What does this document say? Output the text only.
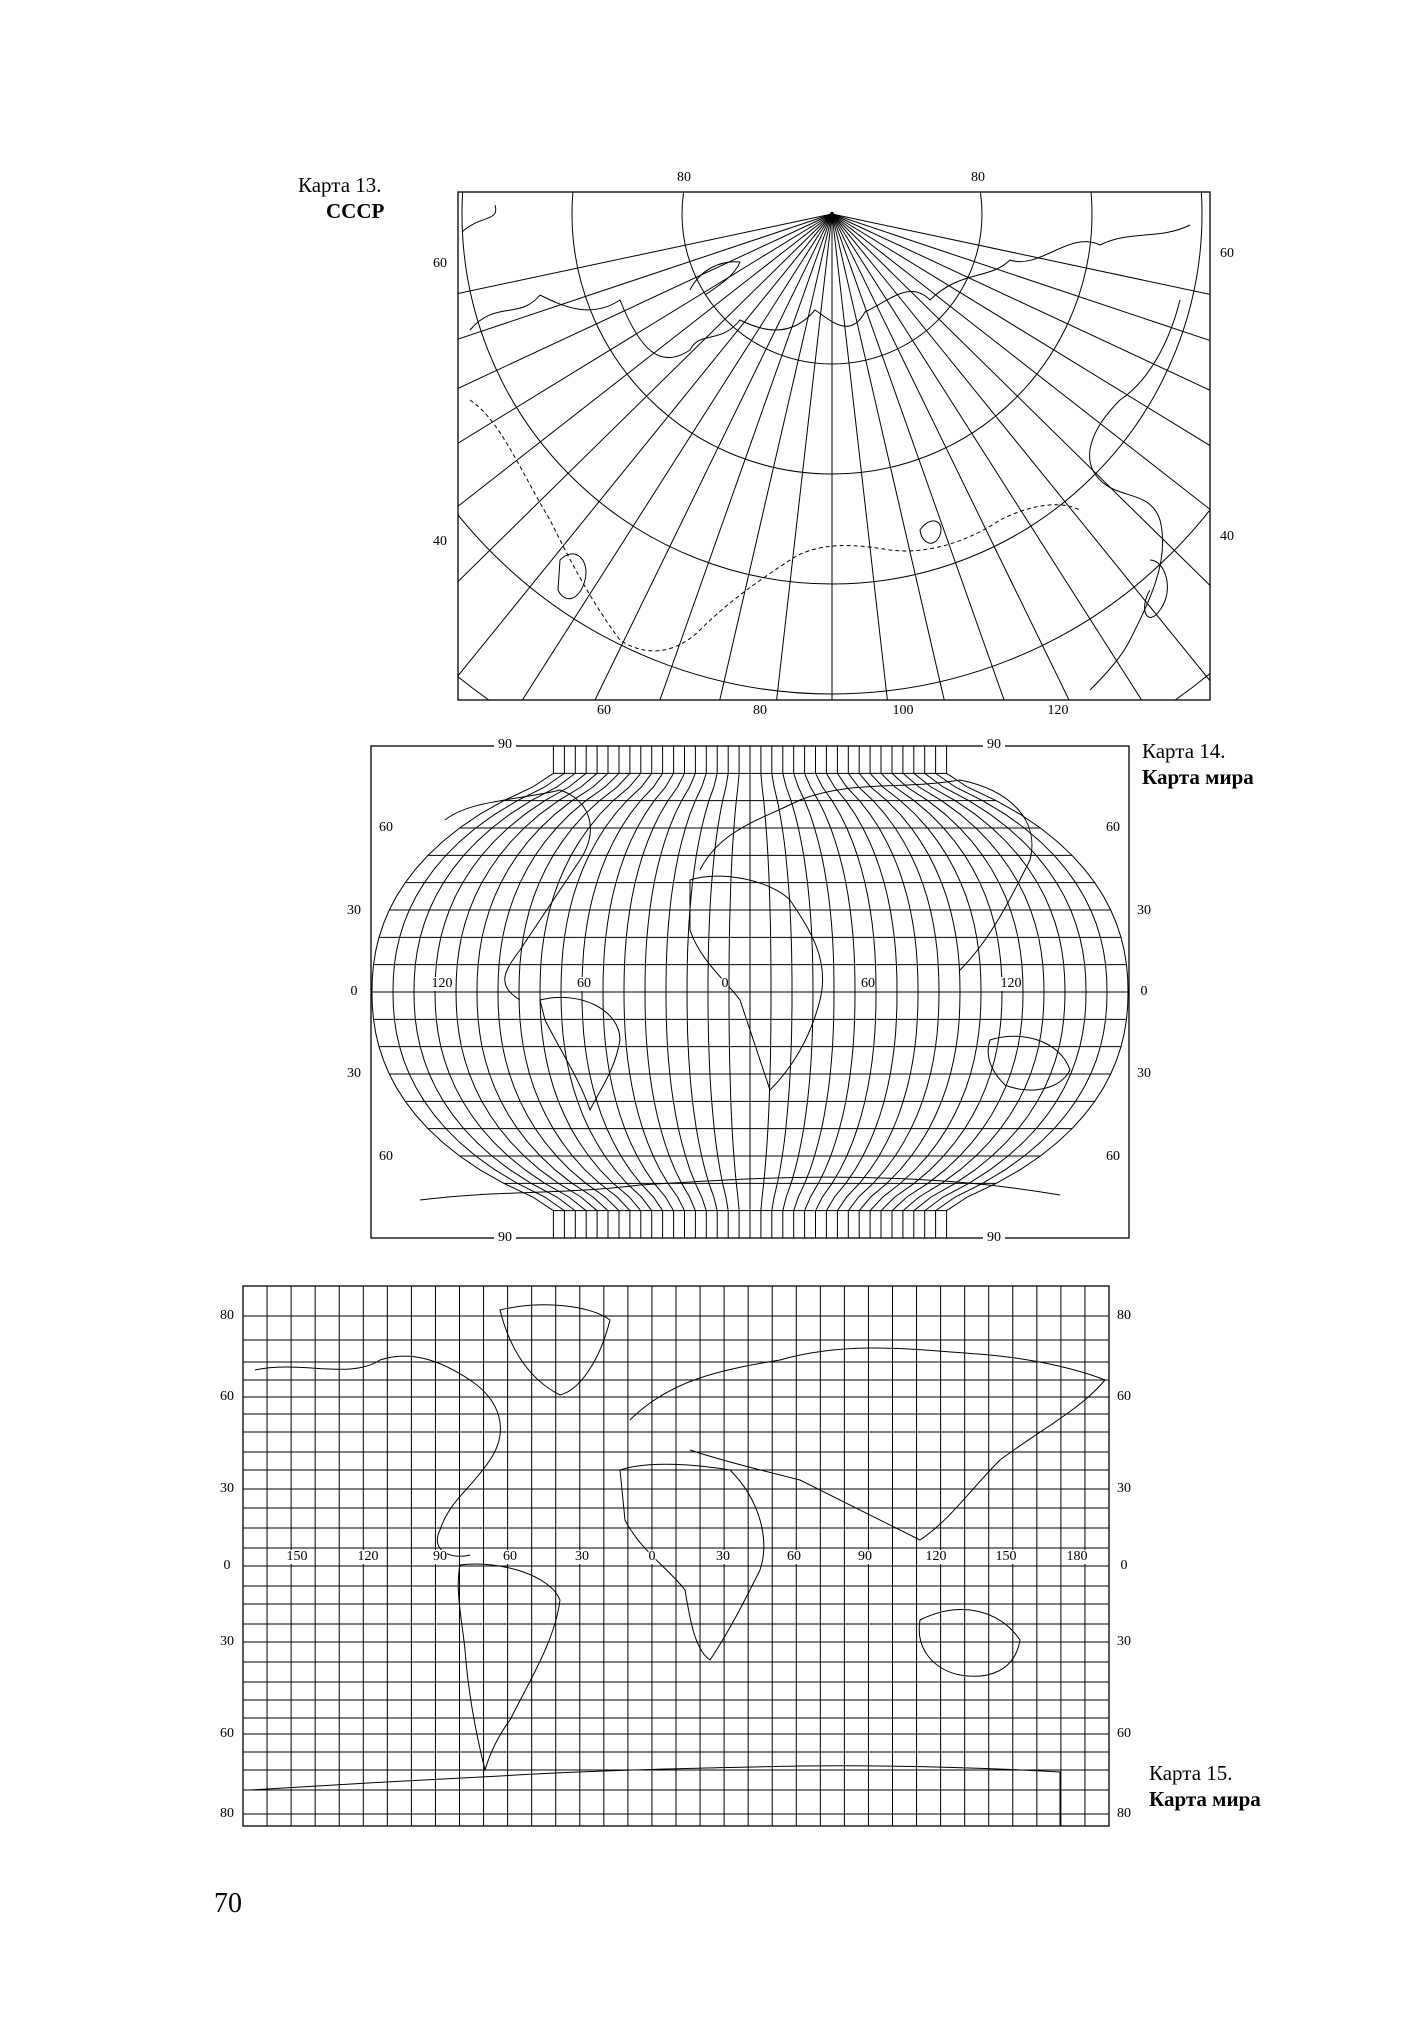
Карта 13.
СССР
80	80
60
40
60
40
60	80	100	120
Карта 14.
Карта мира
90	90
90	90
60
30
0
30
60
60
30
0
30
60
120	60	0	60	120
Карта 15.
Карта мира
80
60
30
0
30
60
80
80
60
30
0
30
60
80
150	120	90	60	30	0	30	60	90	120	150	180
70
